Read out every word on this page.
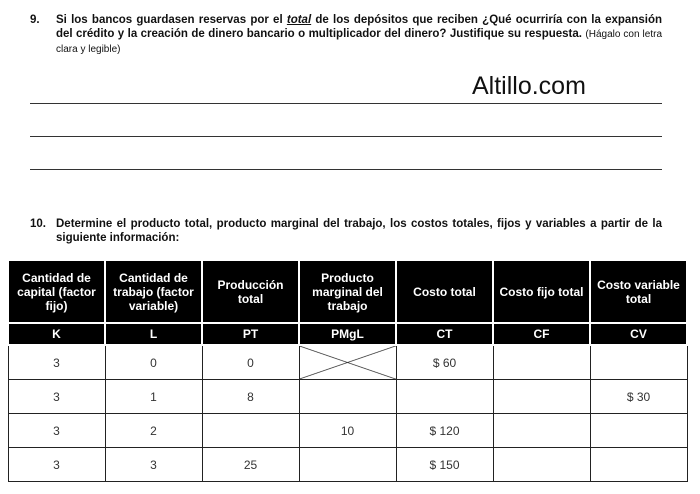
9. Si los bancos guardasen reservas por el total de los depósitos que reciben ¿Qué ocurriría con la expansión del crédito y la creación de dinero bancario o multiplicador del dinero? Justifique su respuesta. (Hágalo con letra clara y legible)
Altillo.com
10. Determine el producto total, producto marginal del trabajo, los costos totales, fijos y variables a partir de la siguiente información:
Cantidad de capital (factor fijo)	Cantidad de trabajo (factor variable)	Producción total	Producto marginal del trabajo	Costo total	Costo fijo total	Costo variable total
K	L	PT	PMgL	CT	CF	CV
3	0	0		$ 60		
3	1	8				$ 30
3	2		10	$ 120		
3	3	25		$ 150		
